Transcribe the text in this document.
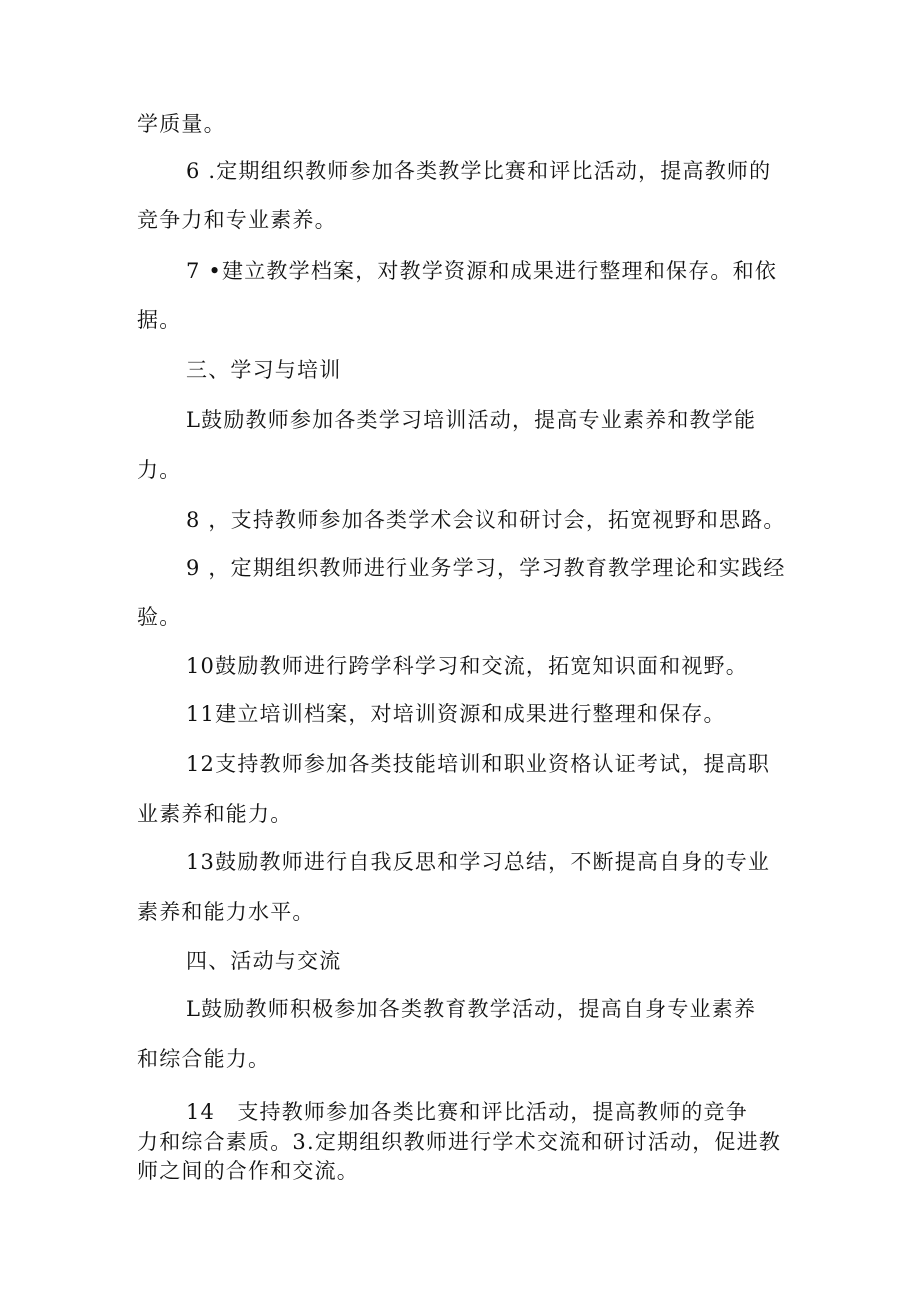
学质量。
6 .定期组织教师参加各类教学比赛和评比活动，提高教师的
竞争力和专业素养。
7 •建立教学档案，对教学资源和成果进行整理和保存。和依
据。
三、学习与培训
L鼓励教师参加各类学习培训活动，提高专业素养和教学能
力。
8 ，支持教师参加各类学术会议和研讨会，拓宽视野和思路。
9 ，定期组织教师进行业务学习，学习教育教学理论和实践经
验。
10鼓励教师进行跨学科学习和交流，拓宽知识面和视野。
11建立培训档案，对培训资源和成果进行整理和保存。
12支持教师参加各类技能培训和职业资格认证考试，提高职
业素养和能力。
13鼓励教师进行自我反思和学习总结，不断提高自身的专业
素养和能力水平。
四、活动与交流
L鼓励教师积极参加各类教育教学活动，提高自身专业素养
和综合能力。
14　支持教师参加各类比赛和评比活动，提高教师的竞争
力和综合素质。3.定期组织教师进行学术交流和研讨活动，促进教
师之间的合作和交流。
